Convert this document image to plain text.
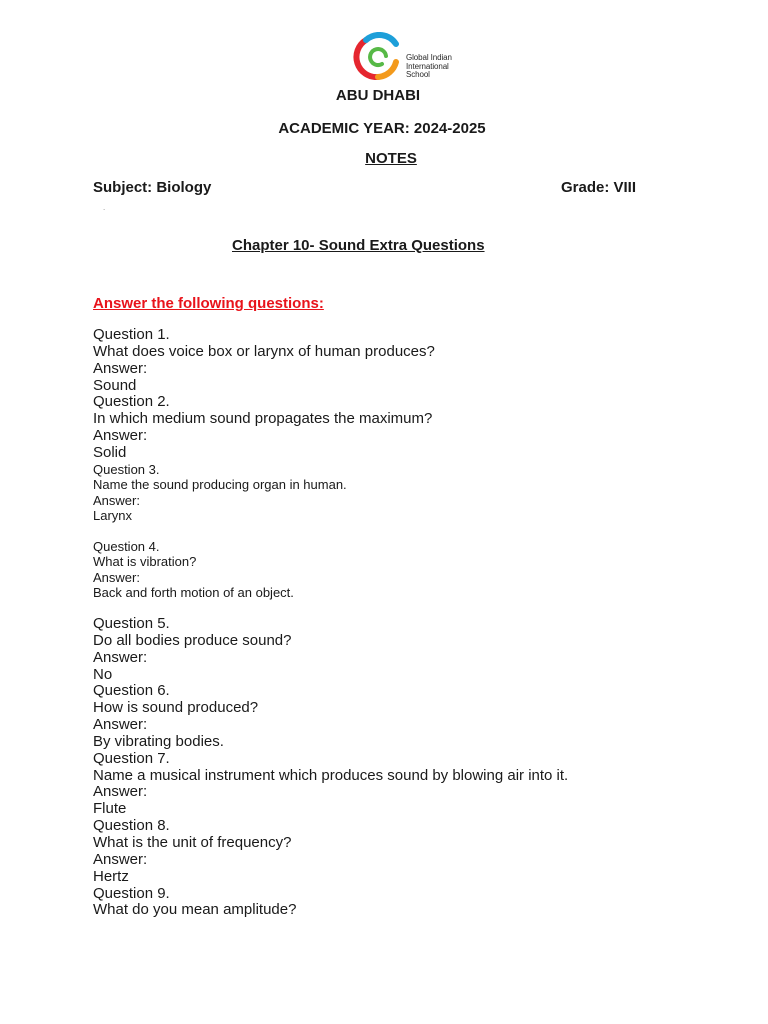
Global Indian
International
School
ABU DHABI
ACADEMIC YEAR: 2024-2025
NOTES
Subject: Biology	Grade: VIII
.
Chapter 10- Sound Extra Questions
Answer the following questions:
Question 1.
What does voice box or larynx of human produces?
Answer:
Sound
Question 2.
In which medium sound propagates the maximum?
Answer:
Solid
Question 3.
Name the sound producing organ in human.
Answer:
Larynx
Question 4.
What is vibration?
Answer:
Back and forth motion of an object.
Question 5.
Do all bodies produce sound?
Answer:
No
Question 6.
How is sound produced?
Answer:
By vibrating bodies.
Question 7.
Name a musical instrument which produces sound by blowing air into it.
Answer:
Flute
Question 8.
What is the unit of frequency?
Answer:
Hertz
Question 9.
What do you mean amplitude?
